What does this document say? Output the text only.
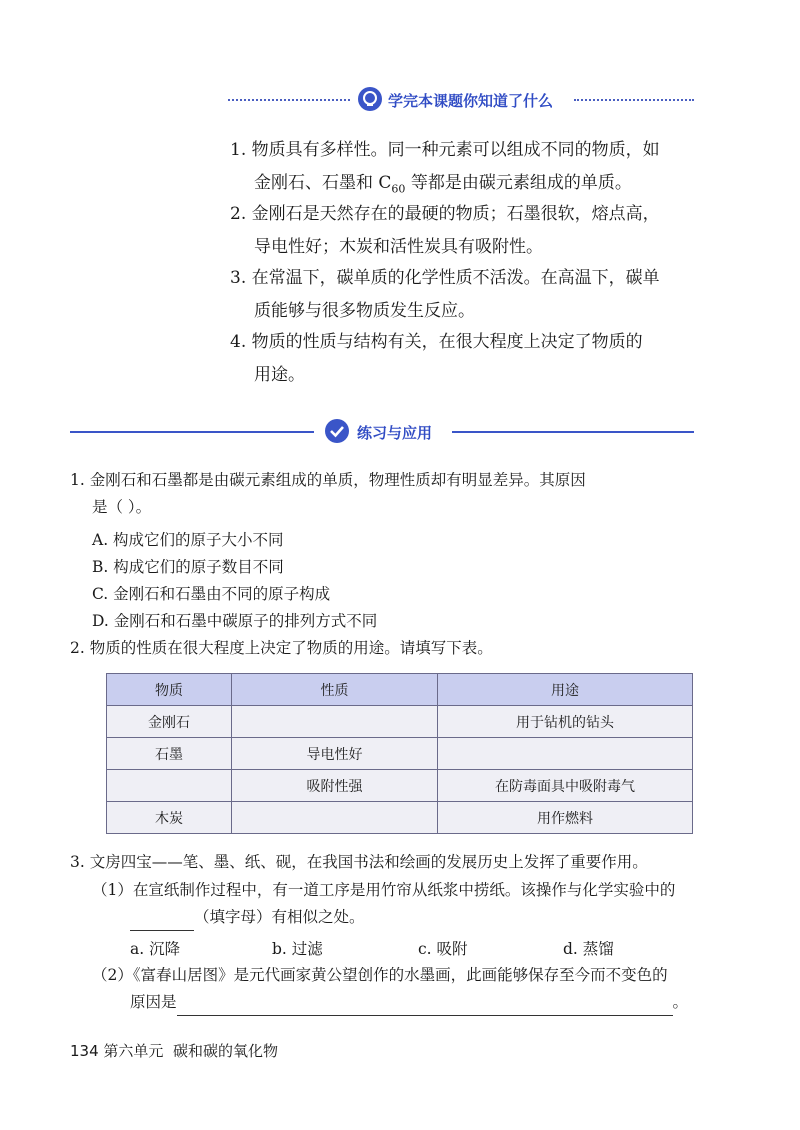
学完本课题你知道了什么
1. 物质具有多样性。同一种元素可以组成不同的物质，如
金刚石、石墨和 $C_{60}$ 等都是由碳元素组成的单质。
2. 金刚石是天然存在的最硬的物质；石墨很软，熔点高，
导电性好；木炭和活性炭具有吸附性。
3. 在常温下，碳单质的化学性质不活泼。在高温下，碳单
质能够与很多物质发生反应。
4. 物质的性质与结构有关，在很大程度上决定了物质的
用途。
练习与应用
1. 金刚石和石墨都是由碳元素组成的单质，物理性质却有明显差异。其原因
是（ ）。
A. 构成它们的原子大小不同
B. 构成它们的原子数目不同
C. 金刚石和石墨由不同的原子构成
D. 金刚石和石墨中碳原子的排列方式不同
2. 物质的性质在很大程度上决定了物质的用途。请填写下表。
物质	性质	用途
金刚石		用于钻机的钻头
石墨	导电性好	
	吸附性强	在防毒面具中吸附毒气
木炭		用作燃料
3. 文房四宝——笔、墨、纸、砚，在我国书法和绘画的发展历史上发挥了重要作用。
（1）在宣纸制作过程中，有一道工序是用竹帘从纸浆中捞纸。该操作与化学实验中的
（填字母）有相似之处。
a. 沉降	b. 过滤	c. 吸附	d. 蒸馏
（2）《富春山居图》是元代画家黄公望创作的水墨画，此画能够保存至今而不变色的
原因是	。
134 第六单元 碳和碳的氧化物
